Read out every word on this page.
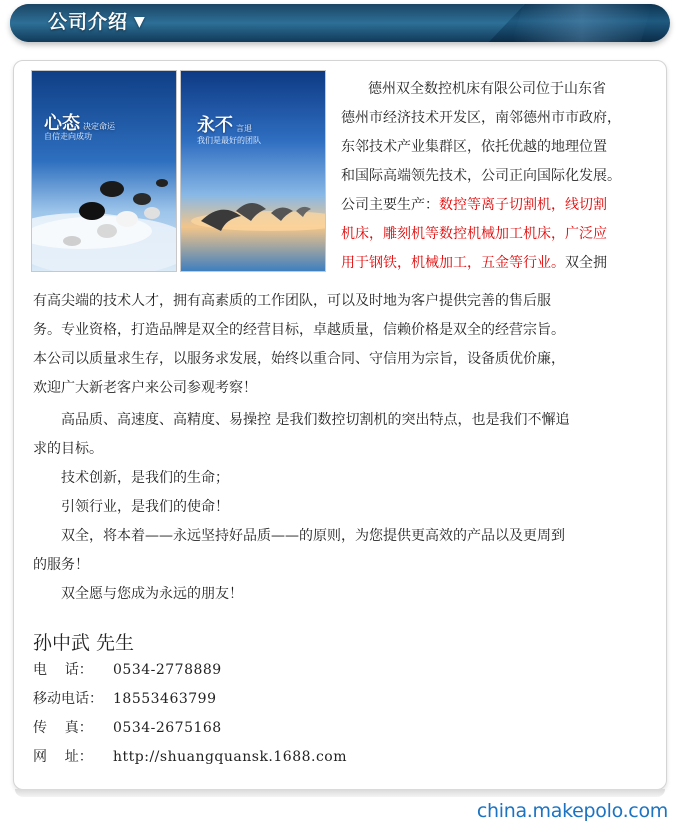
公司介绍 ▼
心态 决定命运
自信走向成功
永不 言退
我们是最好的团队
德州双全数控机床有限公司位于山东省
德州市经济技术开发区，南邻德州市市政府，
东邻技术产业集群区，依托优越的地理位置
和国际高端领先技术，公司正向国际化发展。
公司主要生产：数控等离子切割机，线切割
机床，雕刻机等数控机械加工机床，广泛应
用于钢铁，机械加工，五金等行业。双全拥
有高尖端的技术人才，拥有高素质的工作团队，可以及时地为客户提供完善的售后服
务。专业资格，打造品牌是双全的经营目标，卓越质量，信赖价格是双全的经营宗旨。
本公司以质量求生存，以服务求发展，始终以重合同、守信用为宗旨，设备质优价廉，
欢迎广大新老客户来公司参观考察！
高品质、高速度、高精度、易操控 是我们数控切割机的突出特点，也是我们不懈追
求的目标。
技术创新，是我们的生命；
引领行业，是我们的使命！
双全，将本着——永远坚持好品质——的原则，为您提供更高效的产品以及更周到
的服务！
双全愿与您成为永远的朋友！
孙中武 先生
电    话： 0534-2778889
移动电话： 18553463799
传    真： 0534-2675168
网    址： http://shuangquansk.1688.com
china.makepolo.com
